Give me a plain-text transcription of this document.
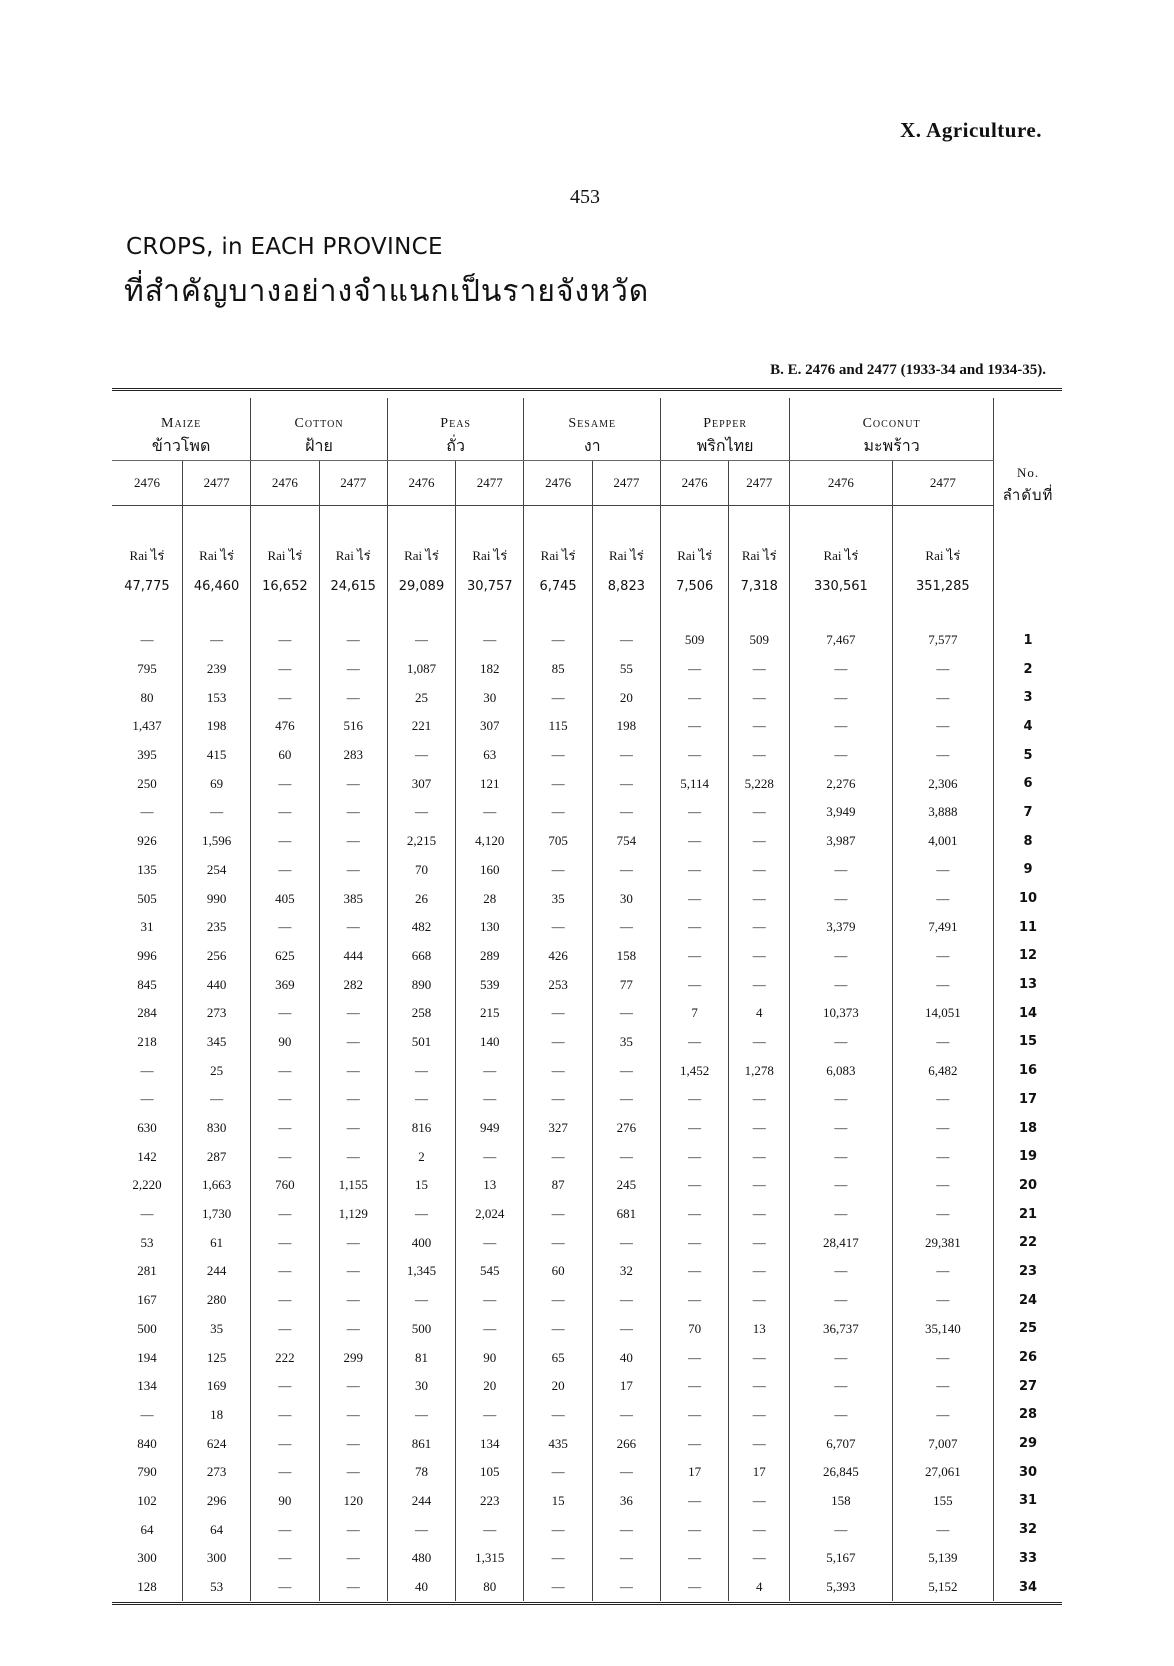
X. Agriculture.
453
CROPS, in EACH PROVINCE
ที่สำคัญบางอย่างจำแนกเป็นรายจังหวัด
B. E. 2476 and 2477 (1933-34 and 1934-35).
Maize		Cotton		Peas		Sesame		Pepper		Coconut		No.
ลำดับที่

ข้าวโพด		ฝ้าย		ถั่ว		งา		พริกไทย		มะพร้าว		
2476	2477	2476	2477	2476	2477	2476	2477	2476	2477	2476	2477	
Rai ไร่	Rai ไร่	Rai ไร่	Rai ไร่	Rai ไร่	Rai ไร่	Rai ไร่	Rai ไร่	Rai ไร่	Rai ไร่	Rai ไร่	Rai ไร่	
47,775	46,460	16,652	24,615	29,089	30,757	6,745	8,823	7,506	7,318	330,561	351,285	

—	—	—	—	—	—	—	—	509	509	7,467	7,577	1
795	239	—	—	1,087	182	85	55	—	—	—	—	2
80	153	—	—	25	30	—	20	—	—	—	—	3
1,437	198	476	516	221	307	115	198	—	—	—	—	4
395	415	60	283	—	63	—	—	—	—	—	—	5
250	69	—	—	307	121	—	—	5,114	5,228	2,276	2,306	6
—	—	—	—	—	—	—	—	—	—	3,949	3,888	7
926	1,596	—	—	2,215	4,120	705	754	—	—	3,987	4,001	8
135	254	—	—	70	160	—	—	—	—	—	—	9
505	990	405	385	26	28	35	30	—	—	—	—	10
31	235	—	—	482	130	—	—	—	—	3,379	7,491	11
996	256	625	444	668	289	426	158	—	—	—	—	12
845	440	369	282	890	539	253	77	—	—	—	—	13
284	273	—	—	258	215	—	—	7	4	10,373	14,051	14
218	345	90	—	501	140	—	35	—	—	—	—	15
—	25	—	—	—	—	—	—	1,452	1,278	6,083	6,482	16
—	—	—	—	—	—	—	—	—	—	—	—	17
630	830	—	—	816	949	327	276	—	—	—	—	18
142	287	—	—	2	—	—	—	—	—	—	—	19
2,220	1,663	760	1,155	15	13	87	245	—	—	—	—	20
—	1,730	—	1,129	—	2,024	—	681	—	—	—	—	21
53	61	—	—	400	—	—	—	—	—	28,417	29,381	22
281	244	—	—	1,345	545	60	32	—	—	—	—	23
167	280	—	—	—	—	—	—	—	—	—	—	24
500	35	—	—	500	—	—	—	70	13	36,737	35,140	25
194	125	222	299	81	90	65	40	—	—	—	—	26
134	169	—	—	30	20	20	17	—	—	—	—	27
—	18	—	—	—	—	—	—	—	—	—	—	28
840	624	—	—	861	134	435	266	—	—	6,707	7,007	29
790	273	—	—	78	105	—	—	17	17	26,845	27,061	30
102	296	90	120	244	223	15	36	—	—	158	155	31
64	64	—	—	—	—	—	—	—	—	—	—	32
300	300	—	—	480	1,315	—	—	—	—	5,167	5,139	33
128	53	—	—	40	80	—	—	—	4	5,393	5,152	34
